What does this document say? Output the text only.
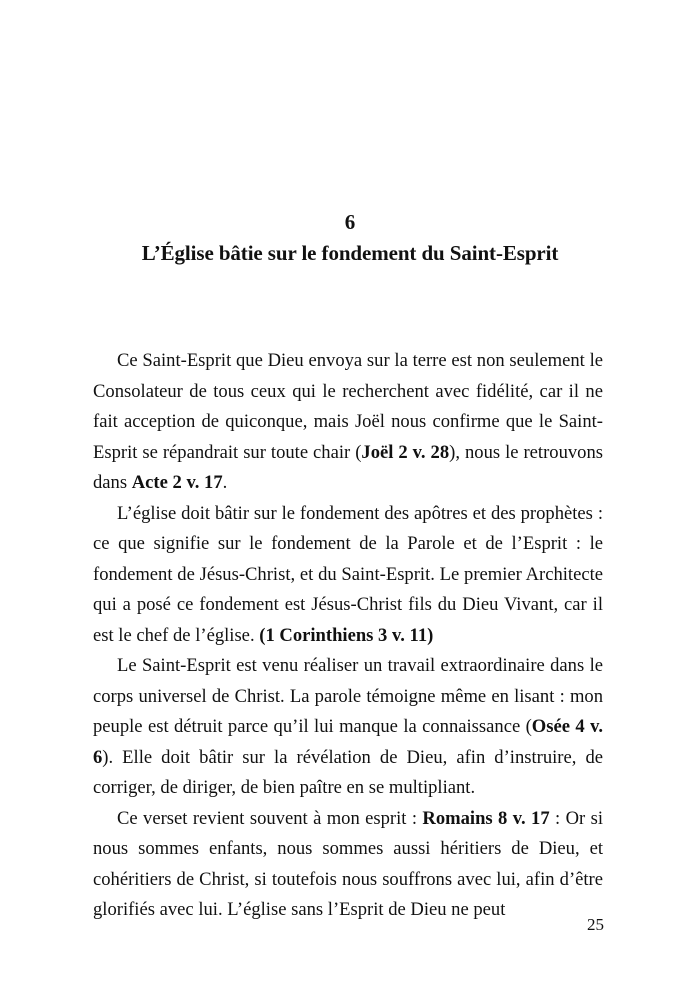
6
L’Église bâtie sur le fondement du Saint-Esprit

Ce Saint-Esprit que Dieu envoya sur la terre est non seulement le Consolateur de tous ceux qui le recherchent avec fidélité, car il ne fait acception de quiconque, mais Joël nous confirme que le Saint-Esprit se répandrait sur toute chair (Joël 2 v. 28), nous le retrouvons dans Acte 2 v. 17.

L’église doit bâtir sur le fondement des apôtres et des prophètes : ce que signifie sur le fondement de la Parole et de l’Esprit : le fondement de Jésus-Christ, et du Saint-Esprit. Le premier Architecte qui a posé ce fondement est Jésus-Christ fils du Dieu Vivant, car il est le chef de l’église. (1 Corinthiens 3 v. 11)

Le Saint-Esprit est venu réaliser un travail extraordinaire dans le corps universel de Christ. La parole témoigne même en lisant : mon peuple est détruit parce qu’il lui manque la connaissance (Osée 4 v. 6). Elle doit bâtir sur la révélation de Dieu, afin d’instruire, de corriger, de diriger, de bien paître en se multipliant.

Ce verset revient souvent à mon esprit : Romains 8 v. 17 : Or si nous sommes enfants, nous sommes aussi héritiers de Dieu, et cohéritiers de Christ, si toutefois nous souffrons avec lui, afin d’être glorifiés avec lui. L’église sans l’Esprit de Dieu ne peut

25
